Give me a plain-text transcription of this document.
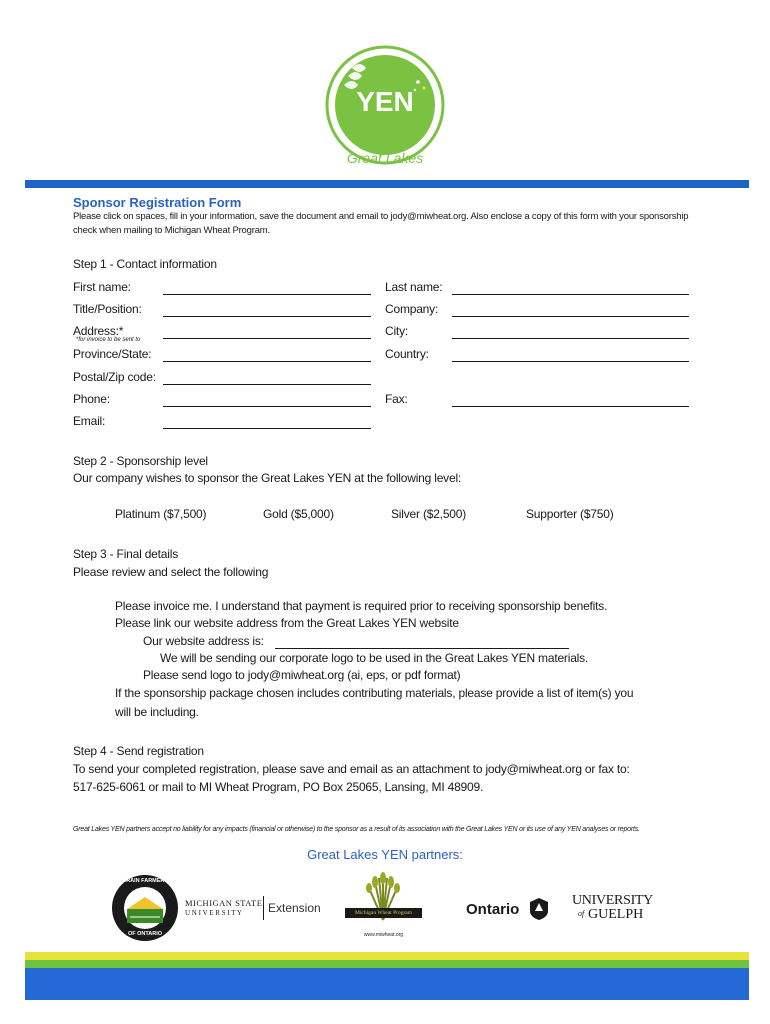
YEN
Great Lakes
Sponsor Registration Form
Please click on spaces, fill in your information, save the document and email to jody@miwheat.org. Also enclose a copy of this form with your sponsorship check when mailing to Michigan Wheat Program.
Step 1 - Contact information
First name:	Last name:
Title/Position:	Company:
Address:*
*for invoice to be sent to
City:
Province/State:	Country:
Postal/Zip code:
Phone:	Fax:
Email:
Step 2 - Sponsorship level
Our company wishes to sponsor the Great Lakes YEN at the following level:
Platinum ($7,500)	Gold ($5,000)	Silver ($2,500)	Supporter ($750)
Step 3 - Final details
Please review and select the following
Please invoice me. I understand that payment is required prior to receiving sponsorship benefits.
Please link our website address from the Great Lakes YEN website
Our website address is:
We will be sending our corporate logo to be used in the Great Lakes YEN materials.
Please send logo to jody@miwheat.org (ai, eps, or pdf format)
If the sponsorship package chosen includes contributing materials, please provide a list of item(s) you
will be including.
Step 4 - Send registration
To send your completed registration, please save and email as an attachment to jody@miwheat.org or fax to:
517-625-6061 or mail to MI Wheat Program, PO Box 25065, Lansing, MI 48909.
Great Lakes YEN partners accept no liability for any impacts (financial or otherwise) to the sponsor as a result of its association with the Great Lakes YEN or its use of any YEN analyses or reports.
Great Lakes YEN partners:
GRAIN FARMERS
OF ONTARIO
MICHIGAN STATE
U N I V E R S I T Y Extension	Michigan Wheat Program
www.miwheat.org
Ontario
UNIVERSITY
of GUELPH
